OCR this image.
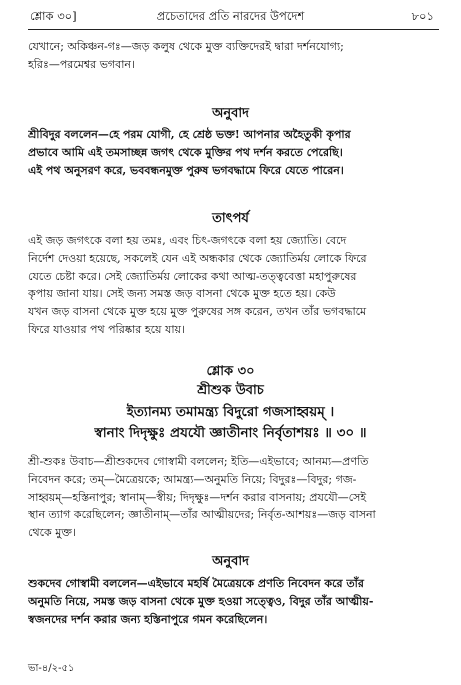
শ্লোক ৩০]	প্রচেতাদের প্রতি নারদের উপদেশ	৮০১
যেখানে; অকিঞ্চন-গঃ—জড় কলুষ থেকে মুক্ত ব্যক্তিদেরই দ্বারা দর্শনযোগ্য;
হরিঃ—পরমেশ্বর ভগবান।
অনুবাদ
শ্রীবিদুর বললেন—হে পরম যোগী, হে শ্রেষ্ঠ ভক্ত! আপনার অহৈতুকী কৃপার
প্রভাবে আমি এই তমসাচ্ছন্ন জগৎ থেকে মুক্তির পথ দর্শন করতে পেরেছি।
এই পথ অনুসরণ করে, ভববন্ধনমুক্ত পুরুষ ভগবদ্ধামে ফিরে যেতে পারেন।
তাৎপর্য
এই জড় জগৎকে বলা হয় তমঃ, এবং চিৎ-জগৎকে বলা হয় জ্যোতি। বেদে
নির্দেশ দেওয়া হয়েছে, সকলেই যেন এই অন্ধকার থেকে জ্যোতির্ময় লোকে ফিরে
যেতে চেষ্টা করে। সেই জ্যোতির্ময় লোকের কথা আত্ম-তত্ত্ববেত্তা মহাপুরুষের
কৃপায় জানা যায়। সেই জন্য সমস্ত জড় বাসনা থেকে মুক্ত হতে হয়। কেউ
যখন জড় বাসনা থেকে মুক্ত হয়ে মুক্ত পুরুষের সঙ্গ করেন, তখন তাঁর ভগবদ্ধামে
ফিরে যাওয়ার পথ পরিষ্কার হয়ে যায়।
শ্লোক ৩০
শ্রীশুক উবাচ
ইত্যানম্য তমামন্ত্র্য বিদুরো গজসাহ্বয়ম্ ।
স্বানাং দিদৃক্ষুঃ প্রযযৌ জ্ঞাতীনাং নির্বৃতাশয়ঃ ॥ ৩০ ॥
শ্রী-শুকঃ উবাচ—শ্রীশুকদেব গোস্বামী বললেন; ইতি—এইভাবে; আনম্য—প্রণতি
নিবেদন করে; তম্—মৈত্রেয়কে; আমন্ত্র্য—অনুমতি নিয়ে; বিদুরঃ—বিদুর; গজ-
সাহ্বয়ম্—হস্তিনাপুর; স্বানাম্—স্বীয়; দিদৃক্ষুঃ—দর্শন করার বাসনায়; প্রযযৌ—সেই
স্থান ত্যাগ করেছিলেন; জ্ঞাতীনাম্—তাঁর আত্মীয়দের; নির্বৃত-আশয়ঃ—জড় বাসনা
থেকে মুক্ত।
অনুবাদ
শুকদেব গোস্বামী বললেন—এইভাবে মহর্ষি মৈত্রেয়কে প্রণতি নিবেদন করে তাঁর
অনুমতি নিয়ে, সমস্ত জড় বাসনা থেকে মুক্ত হওয়া সত্ত্বেও, বিদুর তাঁর আত্মীয়-
স্বজনদের দর্শন করার জন্য হস্তিনাপুরে গমন করেছিলেন।
ভা-৪/২-৫১
